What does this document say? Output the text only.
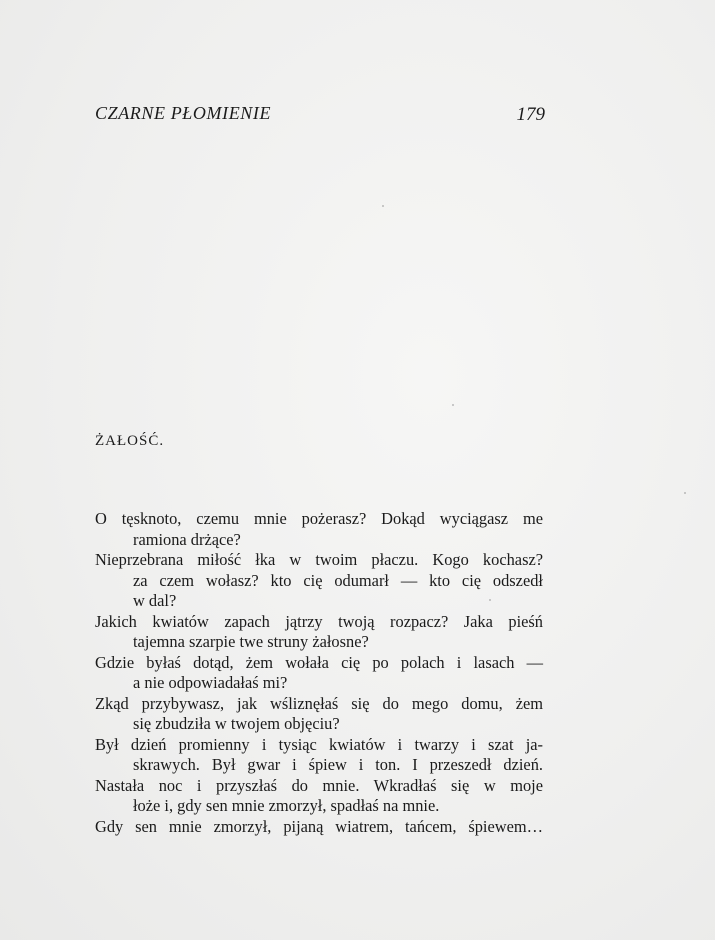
CZARNE PŁOMIENIE	179
ŻAŁOŚĆ.
O tęsknoto, czemu mnie pożerasz? Dokąd wyciągasz me
ramiona drżące?
Nieprzebrana miłość łka w twoim płaczu. Kogo kochasz?
za czem wołasz? kto cię odumarł — kto cię odszedł
w dal?
Jakich kwiatów zapach jątrzy twoją rozpacz? Jaka pieśń
tajemna szarpie twe struny żałosne?
Gdzie byłaś dotąd, żem wołała cię po polach i lasach —
a nie odpowiadałaś mi?
Zkąd przybywasz, jak wśliznęłaś się do mego domu, żem
się zbudziła w twojem objęciu?
Był dzień promienny i tysiąc kwiatów i twarzy i szat ja-
skrawych. Był gwar i śpiew i ton. I przeszedł dzień.
Nastała noc i przyszłaś do mnie. Wkradłaś się w moje
łoże i, gdy sen mnie zmorzył, spadłaś na mnie.
Gdy sen mnie zmorzył, pijaną wiatrem, tańcem, śpiewem…
